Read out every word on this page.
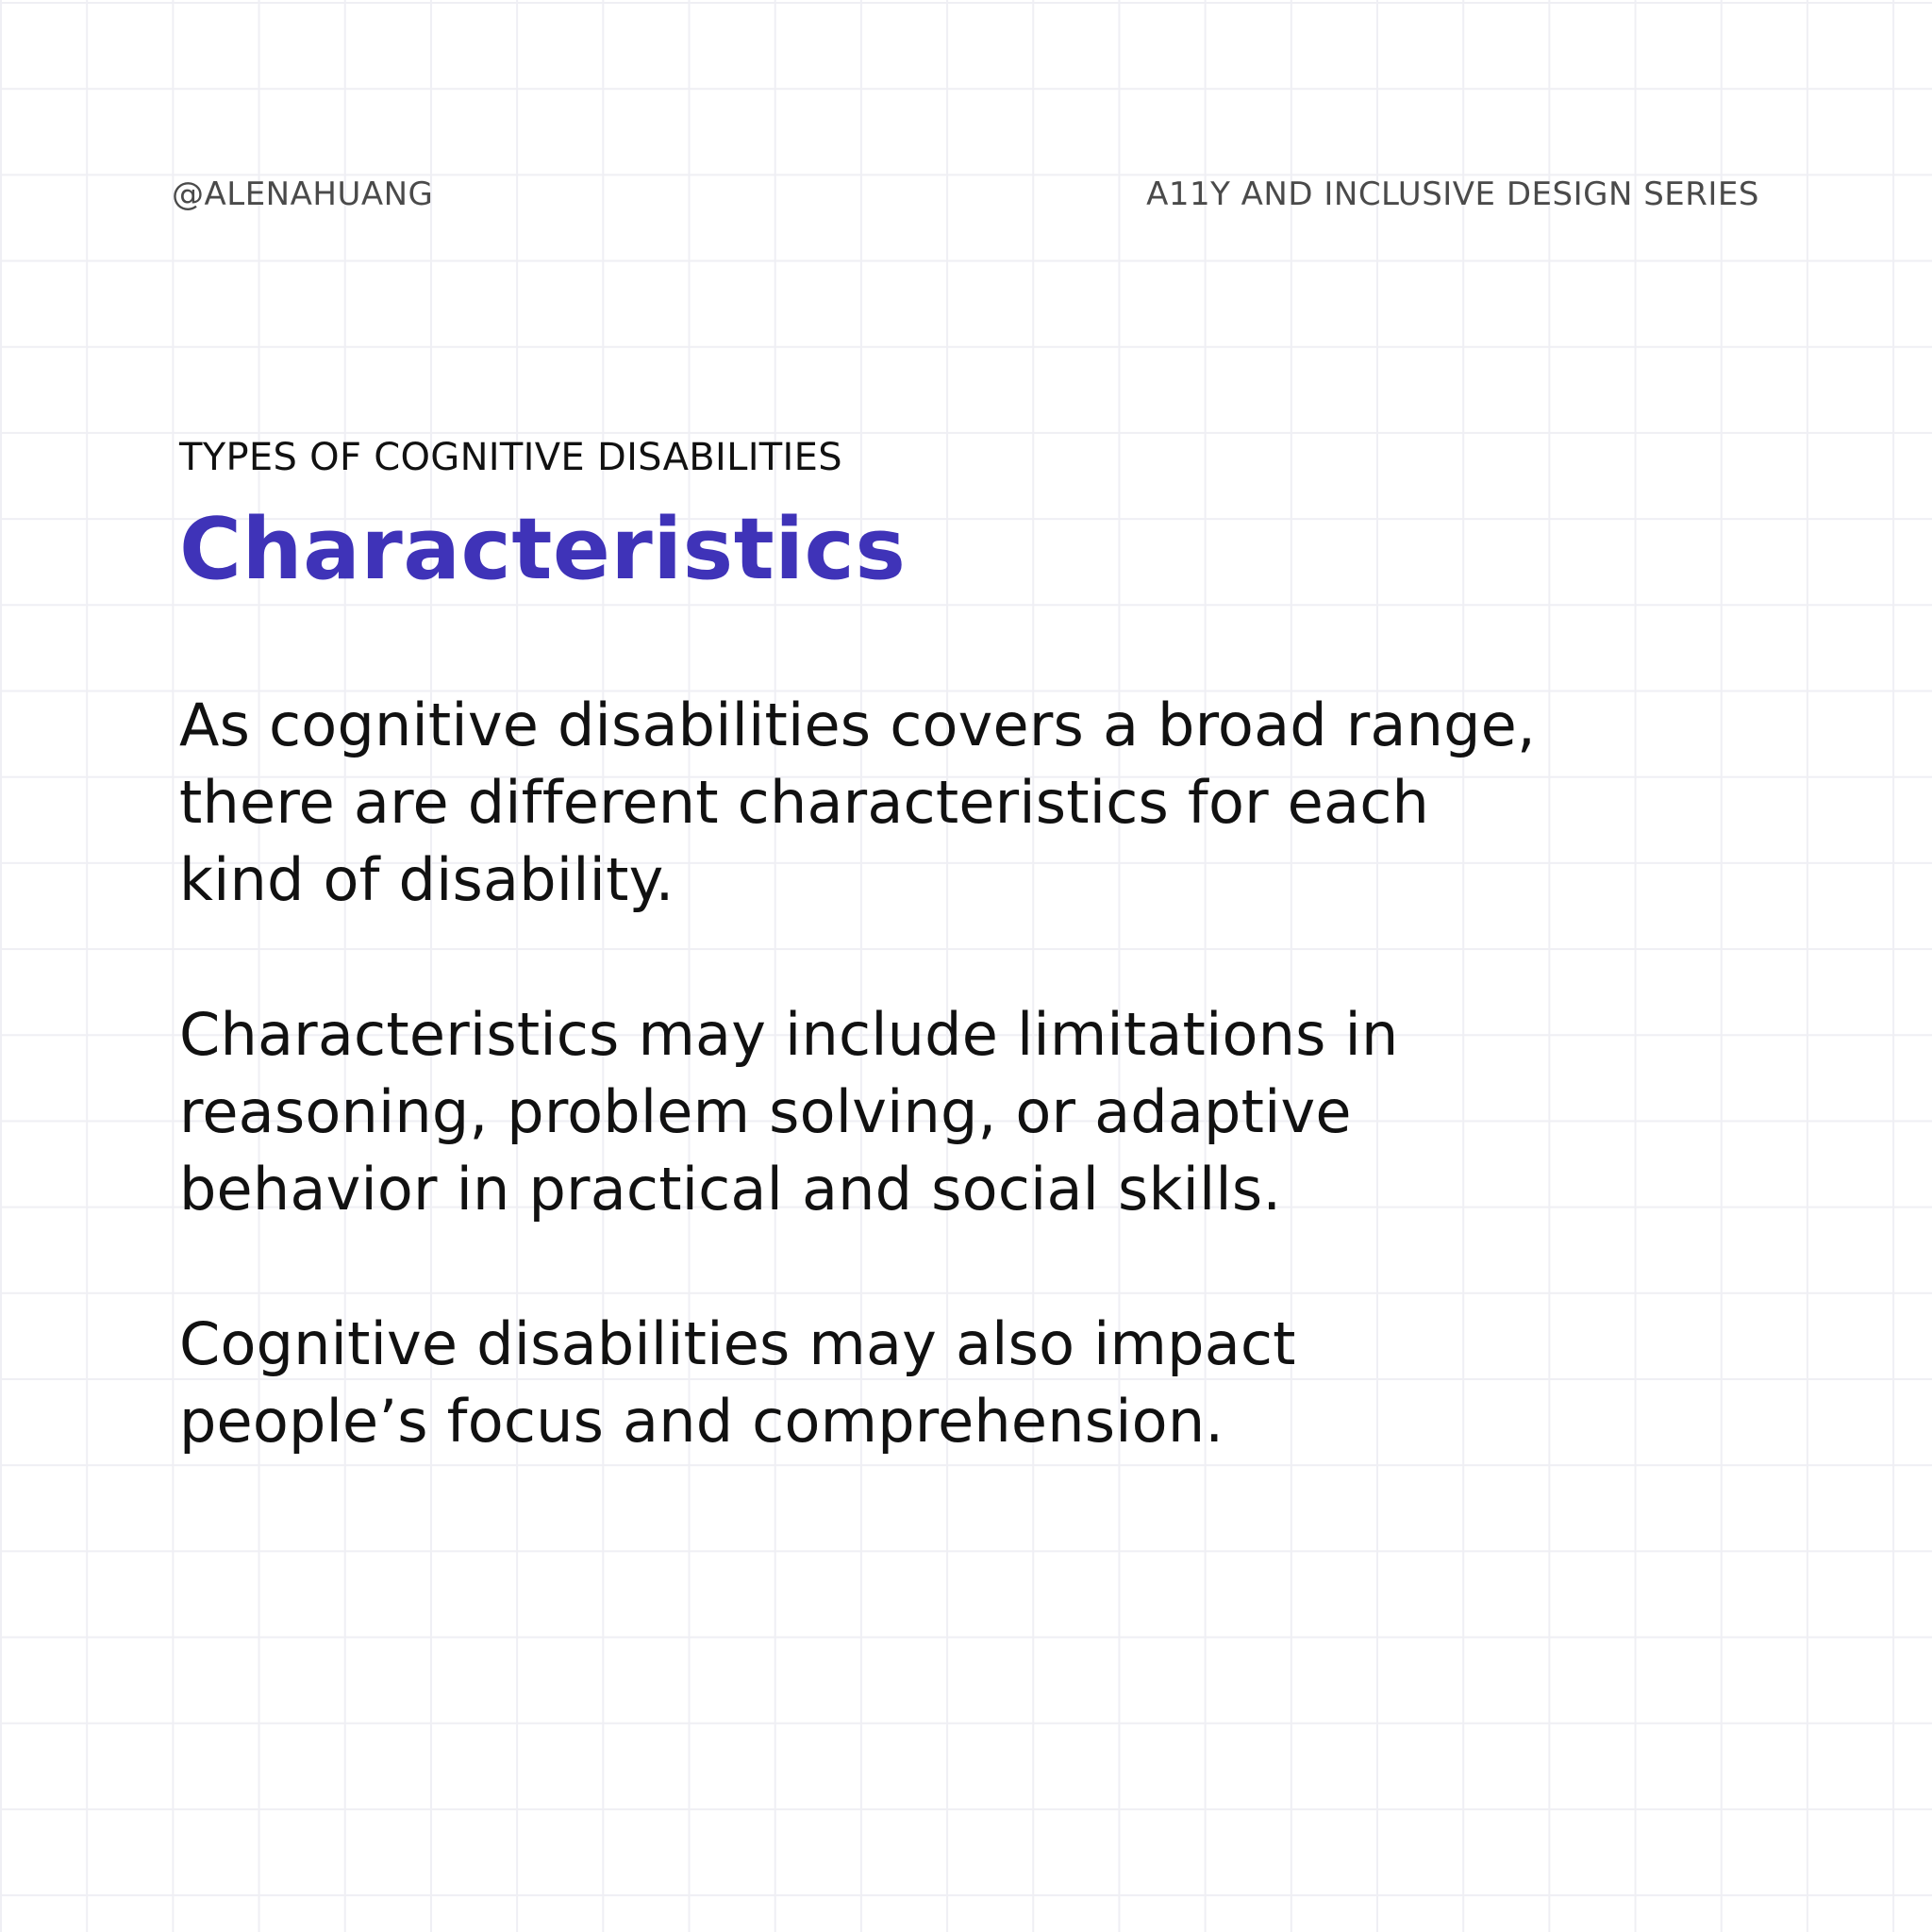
@ALENAHUANG	A11Y AND INCLUSIVE DESIGN SERIES

TYPES OF COGNITIVE DISABILITIES

Characteristics

As cognitive disabilities covers a broad range,
there are different characteristics for each
kind of disability.

Characteristics may include limitations in
reasoning, problem solving, or adaptive
behavior in practical and social skills.

Cognitive disabilities may also impact
people’s focus and comprehension.
